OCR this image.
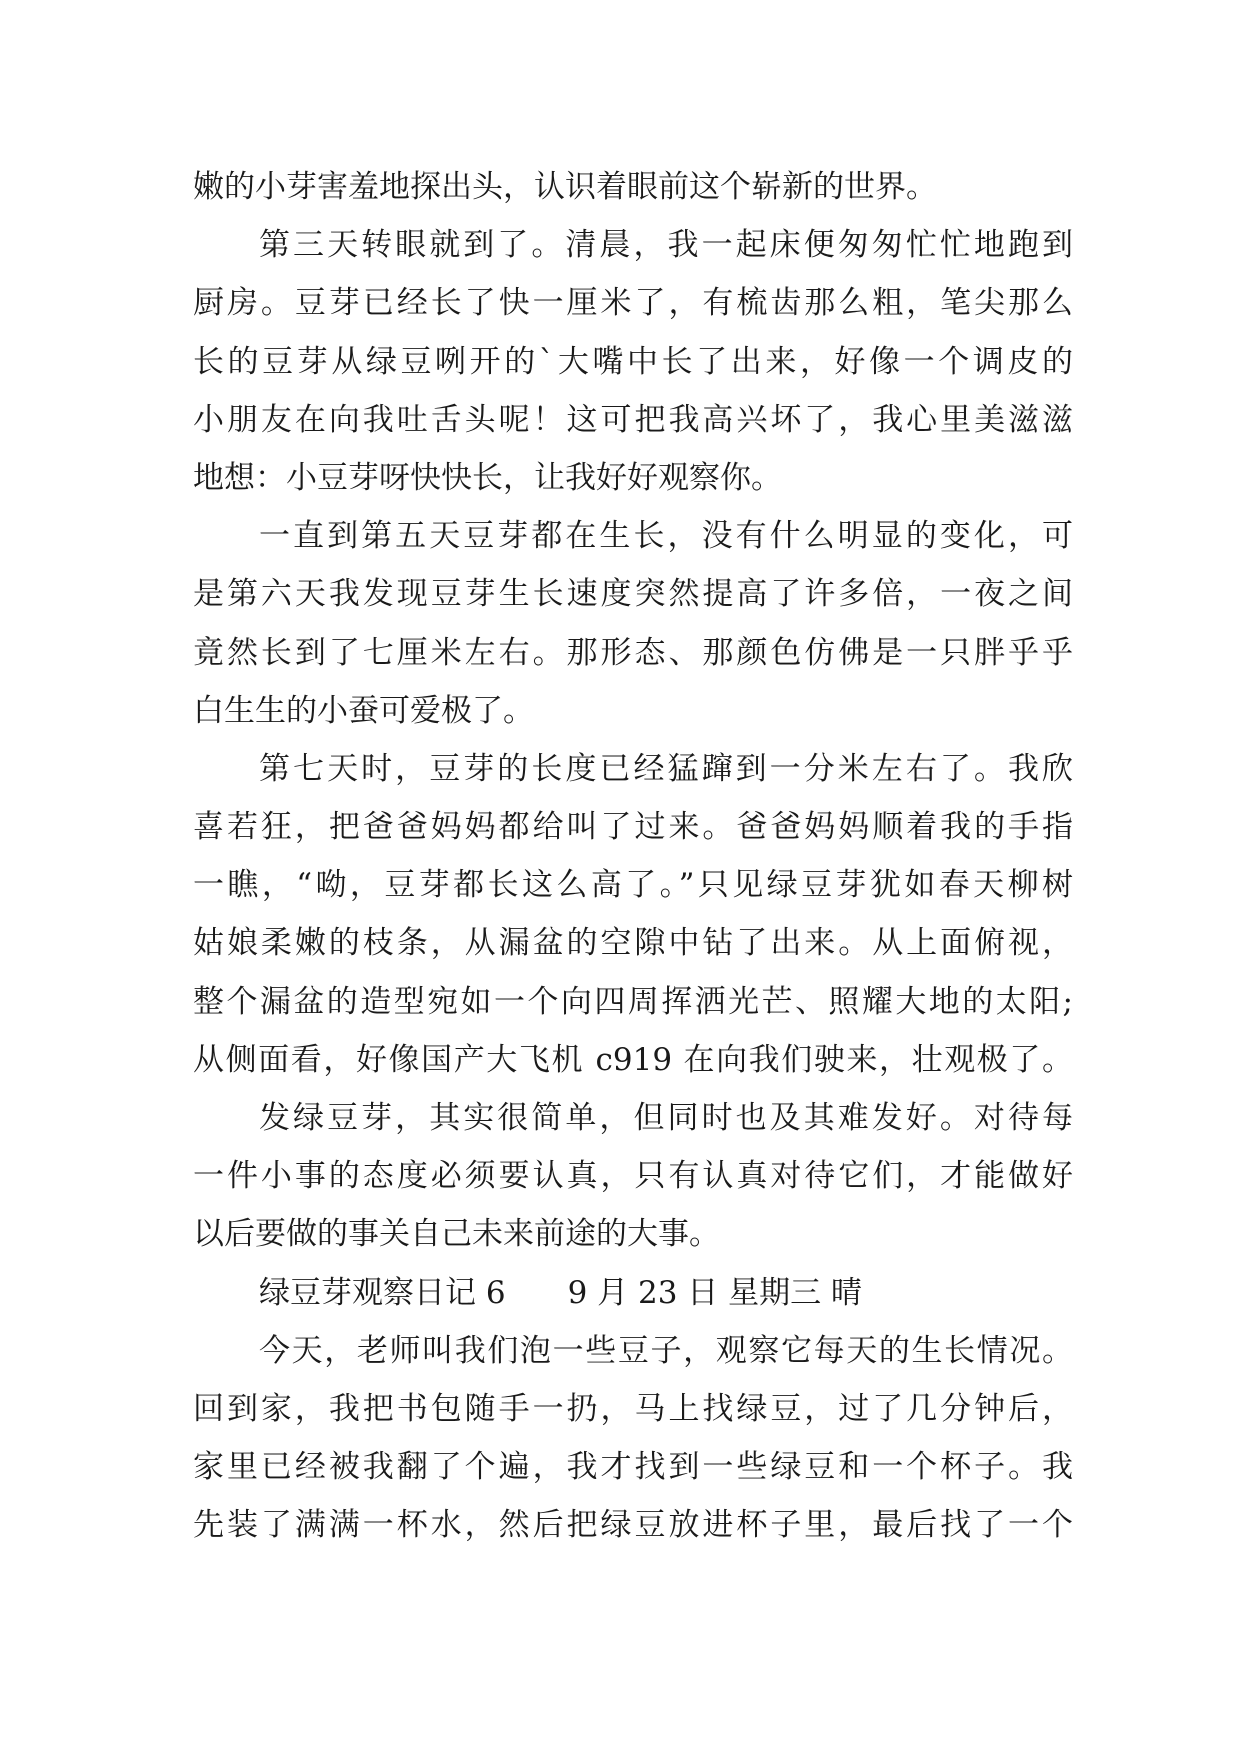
嫩的小芽害羞地探出头，认识着眼前这个崭新的世界。
第三天转眼就到了。清晨，我一起床便匆匆忙忙地跑到
厨房。豆芽已经长了快一厘米了，有梳齿那么粗，笔尖那么
长的豆芽从绿豆咧开的`大嘴中长了出来，好像一个调皮的
小朋友在向我吐舌头呢！这可把我高兴坏了，我心里美滋滋
地想：小豆芽呀快快长，让我好好观察你。
一直到第五天豆芽都在生长，没有什么明显的变化，可
是第六天我发现豆芽生长速度突然提高了许多倍，一夜之间
竟然长到了七厘米左右。那形态、那颜色仿佛是一只胖乎乎
白生生的小蚕可爱极了。
第七天时，豆芽的长度已经猛蹿到一分米左右了。我欣
喜若狂，把爸爸妈妈都给叫了过来。爸爸妈妈顺着我的手指
一瞧，“呦，豆芽都长这么高了。”只见绿豆芽犹如春天柳树
姑娘柔嫩的枝条，从漏盆的空隙中钻了出来。从上面俯视，
整个漏盆的造型宛如一个向四周挥洒光芒、照耀大地的太阳;
从侧面看，好像国产大飞机 c919 在向我们驶来，壮观极了。
发绿豆芽，其实很简单，但同时也及其难发好。对待每
一件小事的态度必须要认真，只有认真对待它们，才能做好
以后要做的事关自己未来前途的大事。
绿豆芽观察日记 6　　9 月 23 日 星期三 晴
今天，老师叫我们泡一些豆子，观察它每天的生长情况。
回到家，我把书包随手一扔，马上找绿豆，过了几分钟后，
家里已经被我翻了个遍，我才找到一些绿豆和一个杯子。我
先装了满满一杯水，然后把绿豆放进杯子里，最后找了一个
